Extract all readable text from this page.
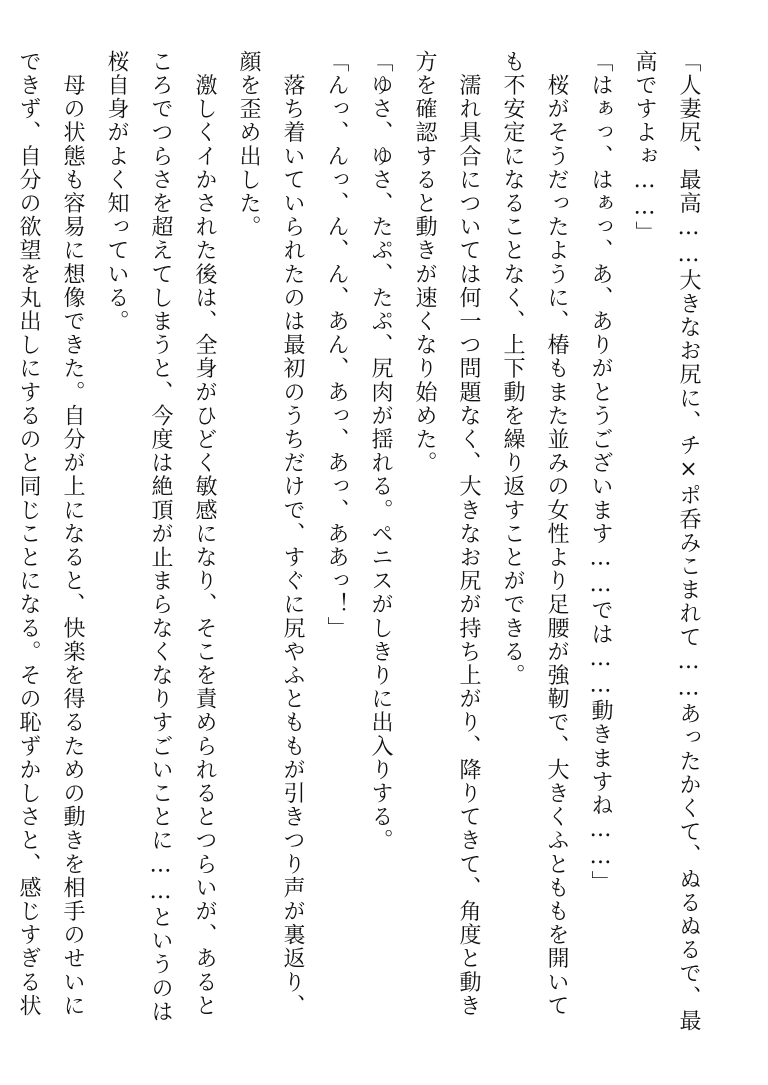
「人妻尻、最高……大きなお尻に、チ×ポ呑みこまれて……あったかくて、ぬるぬるで、最
高ですよぉ……」
「はぁっ、はぁっ、あ、ありがとうございます……では……動きますね……」
　桜がそうだったように、椿もまた並みの女性より足腰が強靭で、大きくふとももを開いて
も不安定になることなく、上下動を繰り返すことができる。
　濡れ具合については何一つ問題なく、大きなお尻が持ち上がり、降りてきて、角度と動き
方を確認すると動きが速くなり始めた。
「ゆさ、ゆさ、たぷ、たぷ、尻肉が揺れる。ペニスがしきりに出入りする。
「んっ、んっ、ん、ん、あん、あっ、あっ、ああっ！」
　落ち着いていられたのは最初のうちだけで、すぐに尻やふとももが引きつり声が裏返り、
顔を歪め出した。
　激しくイかされた後は、全身がひどく敏感になり、そこを責められるとつらいが、あると
ころでつらさを超えてしまうと、今度は絶頂が止まらなくなりすごいことに……というのは
桜自身がよく知っている。
　母の状態も容易に想像できた。自分が上になると、快楽を得るための動きを相手のせいに
できず、自分の欲望を丸出しにするのと同じことになる。その恥ずかしさと、感じすぎる状
